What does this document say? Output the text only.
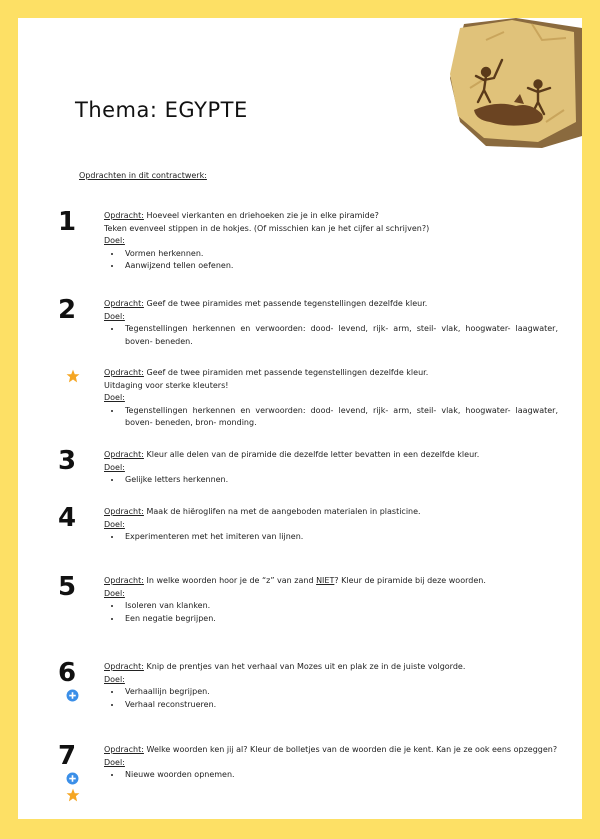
Thema: EGYPTE
Opdrachten in dit contractwerk:
1	Opdracht: Hoeveel vierkanten en driehoeken zie je in elke piramide?

Teken evenveel stippen in de hokjes. (Of misschien kan je het cijfer al schrijven?)

Doel:

• Vormen herkennen.
• Aanwijzend tellen oefenen.
2	Opdracht: Geef de twee piramides met passende tegenstellingen dezelfde kleur.

Doel:

• Tegenstellingen herkennen en verwoorden: dood- levend, rijk- arm, steil- vlak, hoogwater- laagwater, boven- beneden.

Opdracht: Geef de twee piramiden met passende tegenstellingen dezelfde kleur.

Uitdaging voor sterke kleuters!

Doel:

• Tegenstellingen herkennen en verwoorden: dood- levend, rijk- arm, steil- vlak, hoogwater- laagwater, boven- beneden, bron- monding.
3	Opdracht: Kleur alle delen van de piramide die dezelfde letter bevatten in een dezelfde kleur.

Doel:

• Gelijke letters herkennen.
4	Opdracht: Maak de hiëroglifen na met de aangeboden materialen in plasticine.

Doel:

• Experimenteren met het imiteren van lijnen.
5	Opdracht: In welke woorden hoor je de “z” van zand NIET? Kleur de piramide bij deze woorden.

Doel:

• Isoleren van klanken.
• Een negatie begrijpen.
6	Opdracht: Knip de prentjes van het verhaal van Mozes uit en plak ze in de juiste volgorde.

Doel:

• Verhaallijn begrijpen.
• Verhaal reconstrueren.
7	Opdracht: Welke woorden ken jij al? Kleur de bolletjes van de woorden die je kent. Kan je ze ook eens opzeggen?

Doel:

• Nieuwe woorden opnemen.
